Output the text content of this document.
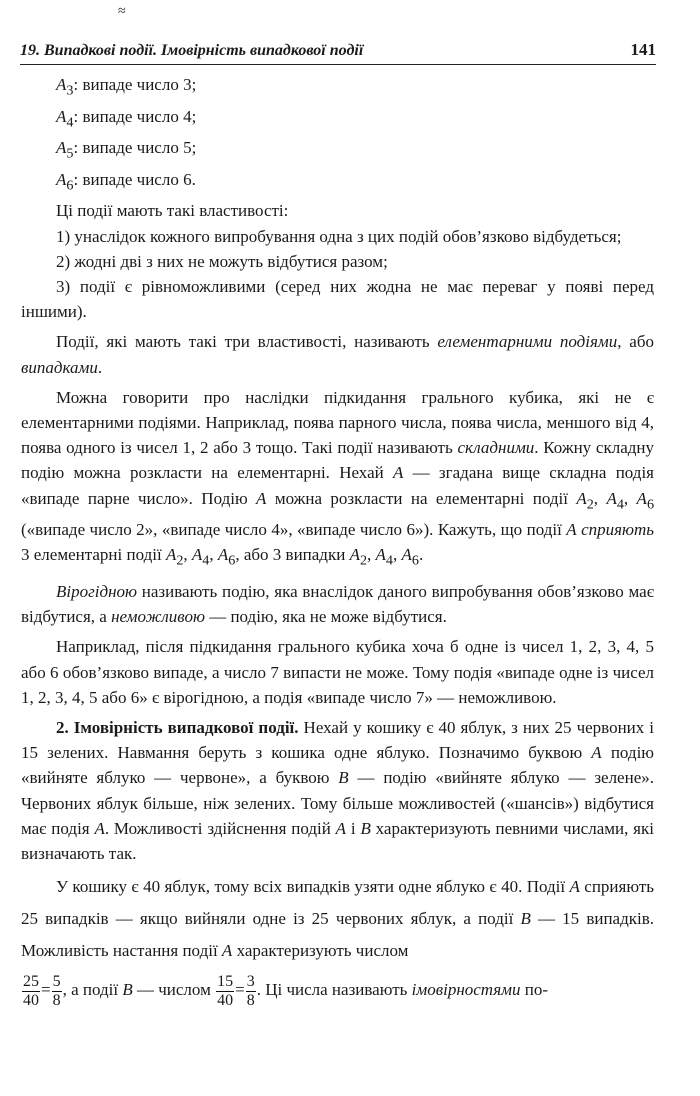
≈
19. Випадкові події. Імовірність випадкової події	141

$A_3$: випаде число 3;

$A_4$: випаде число 4;

$A_5$: випаде число 5;

$A_6$: випаде число 6.

Ці події мають такі властивості:

1) унаслідок кожного випробування одна з цих подій обов’язково відбудеться;

2) жодні дві з них не можуть відбутися разом;

3) події є рівноможливими (серед них жодна не має переваг у появі перед іншими).

Події, які мають такі три властивості, називають елементарними подіями, або випадками.

Можна говорити про наслідки підкидання грального кубика, які не є елементарними подіями. Наприклад, поява парного числа, поява числа, меншого від 4, поява одного із чисел 1, 2 або 3 тощо. Такі події називають складними. Кожну складну подію можна розкласти на елементарні. Нехай A — згадана вище складна подія «випаде парне число». Подію A можна розкласти на елементарні події $A_2$, $A_4$, $A_6$ («випаде число 2», «випаде число 4», «випаде число 6»). Кажуть, що події A сприяють 3 елементарні події $A_2$, $A_4$, $A_6$, або 3 випадки $A_2$, $A_4$, $A_6$.

Вірогідною називають подію, яка внаслідок даного випробування обов’язково має відбутися, а неможливою — подію, яка не може відбутися.

Наприклад, після підкидання грального кубика хоча б одне із чисел 1, 2, 3, 4, 5 або 6 обов’язково випаде, а число 7 випасти не може. Тому подія «випаде одне із чисел 1, 2, 3, 4, 5 або 6» є вірогідною, а подія «випаде число 7» — неможливою.

2. Імовірність випадкової події. Нехай у кошику є 40 яблук, з них 25 червоних і 15 зелених. Навмання беруть з кошика одне яблуко. Позначимо буквою A подію «вийняте яблуко — червоне», а буквою B — подію «вийняте яблуко — зелене». Червоних яблук більше, ніж зелених. Тому більше можливостей («шансів») відбутися має подія A. Можливості здійснення подій A і B характеризують певними числами, які визначають так.

У кошику є 40 яблук, тому всіх випадків узяти одне яблуко є 40. Події A сприяють 25 випадків — якщо вийняли одне із 25 червоних яблук, а події B — 15 випадків. Можливість настання події A характеризують числом

$\frac{25}{40} = \frac{5}{8}$ , а події B — числом $\frac{15}{40} = \frac{3}{8}$ . Ці числа називають імовірностями по-
